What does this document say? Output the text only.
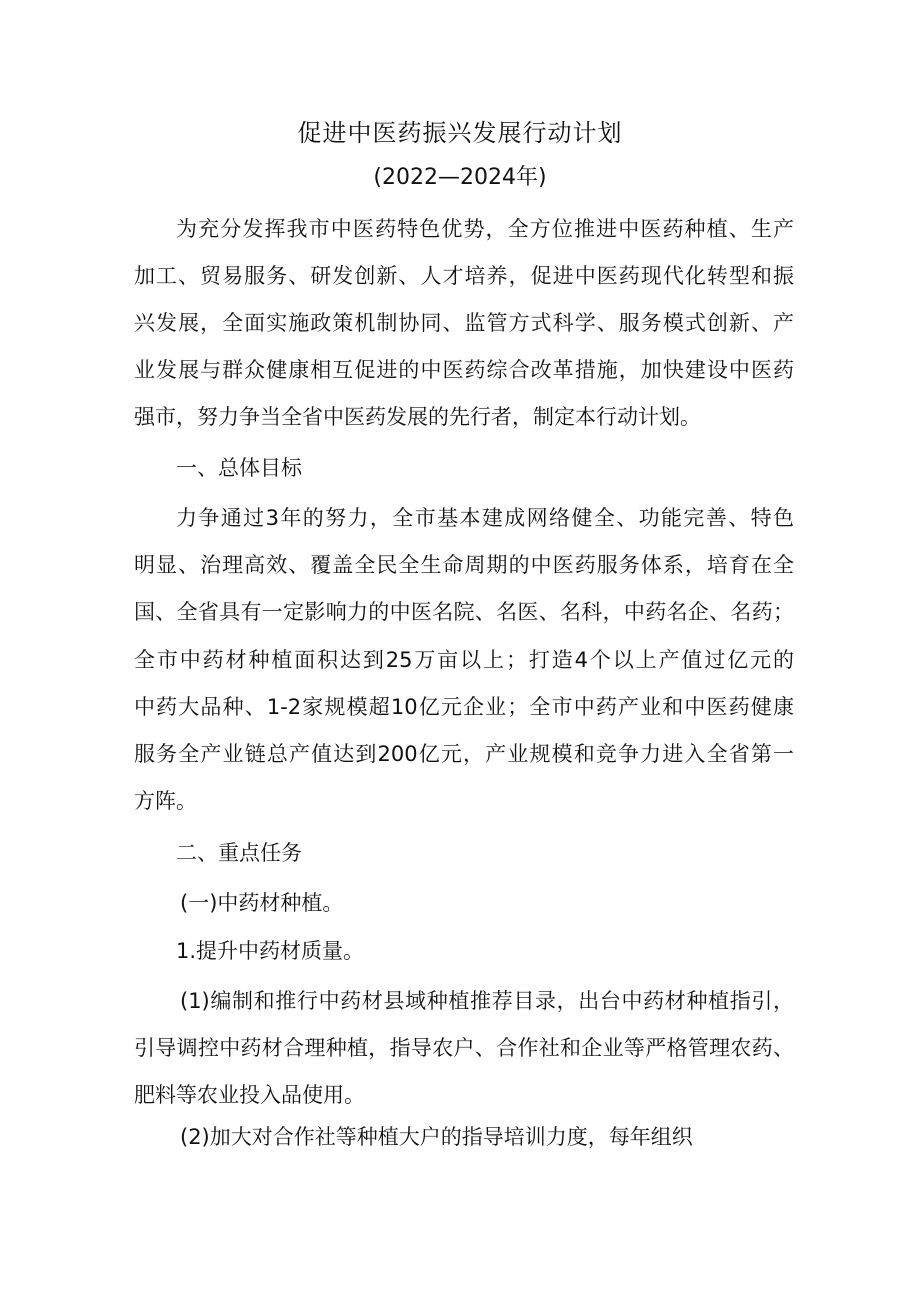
促进中医药振兴发展行动计划
(2022—2024年)
为充分发挥我市中医药特色优势，全方位推进中医药种植、生产
加工、贸易服务、研发创新、人才培养，促进中医药现代化转型和振
兴发展，全面实施政策机制协同、监管方式科学、服务模式创新、产
业发展与群众健康相互促进的中医药综合改革措施，加快建设中医药
强市，努力争当全省中医药发展的先行者，制定本行动计划。
一、总体目标
力争通过3年的努力，全市基本建成网络健全、功能完善、特色
明显、治理高效、覆盖全民全生命周期的中医药服务体系，培育在全
国、全省具有一定影响力的中医名院、名医、名科，中药名企、名药；
全市中药材种植面积达到25万亩以上；打造4个以上产值过亿元的
中药大品种、1-2家规模超10亿元企业；全市中药产业和中医药健康
服务全产业链总产值达到200亿元，产业规模和竞争力进入全省第一
方阵。
二、重点任务
(一)中药材种植。
1.提升中药材质量。
(1)编制和推行中药材县域种植推荐目录，出台中药材种植指引，
引导调控中药材合理种植，指导农户、合作社和企业等严格管理农药、
肥料等农业投入品使用。
(2)加大对合作社等种植大户的指导培训力度，每年组织
